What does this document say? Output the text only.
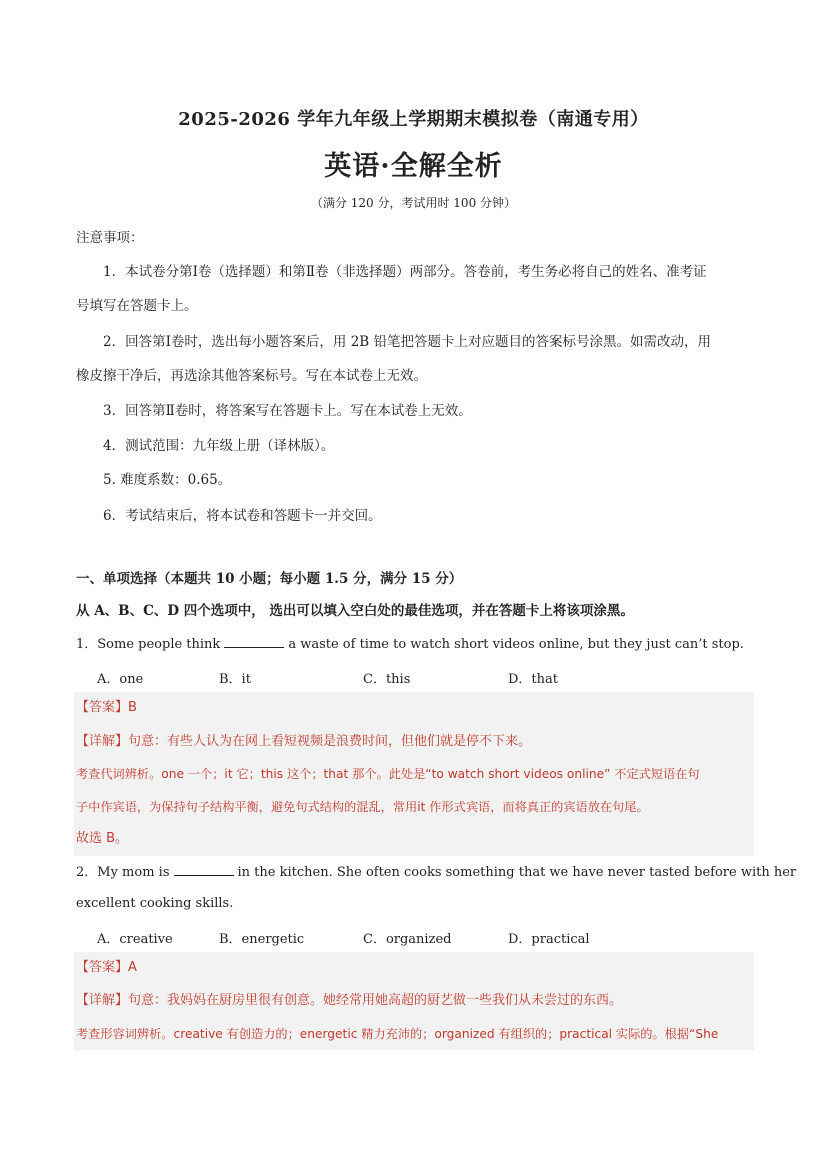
2025-2026 学年九年级上学期期末模拟卷（南通专用）
英语·全解全析
（满分 120 分，考试用时 100 分钟）
注意事项：
1．本试卷分第Ⅰ卷（选择题）和第Ⅱ卷（非选择题）两部分。答卷前，考生务必将自己的姓名、准考证
号填写在答题卡上。
2．回答第Ⅰ卷时，选出每小题答案后，用 2B 铅笔把答题卡上对应题目的答案标号涂黑。如需改动，用
橡皮擦干净后，再选涂其他答案标号。写在本试卷上无效。
3．回答第Ⅱ卷时，将答案写在答题卡上。写在本试卷上无效。
4．测试范围：九年级上册（译林版）。
5. 难度系数：0.65。
6．考试结束后，将本试卷和答题卡一并交回。
一、单项选择（本题共 10 小题；每小题 1.5 分，满分 15 分）
从 A、B、C、D 四个选项中， 选出可以填入空白处的最佳选项，并在答题卡上将该项涂黑。
1．Some people think	a waste of time to watch short videos online, but they just can’t stop.
A．one	B．it	C．this	D．that
【答案】B
【详解】句意：有些人认为在网上看短视频是浪费时间，但他们就是停不下来。
考查代词辨析。one 一个；it 它；this 这个；that 那个。此处是“to watch short videos online” 不定式短语在句
子中作宾语，为保持句子结构平衡，避免句式结构的混乱，常用it 作形式宾语，而将真正的宾语放在句尾。
故选 B。
2．My mom is	in the kitchen. She often cooks something that we have never tasted before with her
excellent cooking skills.
A．creative	B．energetic	C．organized	D．practical
【答案】A
【详解】句意：我妈妈在厨房里很有创意。她经常用她高超的厨艺做一些我们从未尝过的东西。
考查形容词辨析。creative 有创造力的；energetic 精力充沛的；organized 有组织的；practical 实际的。根据“She
